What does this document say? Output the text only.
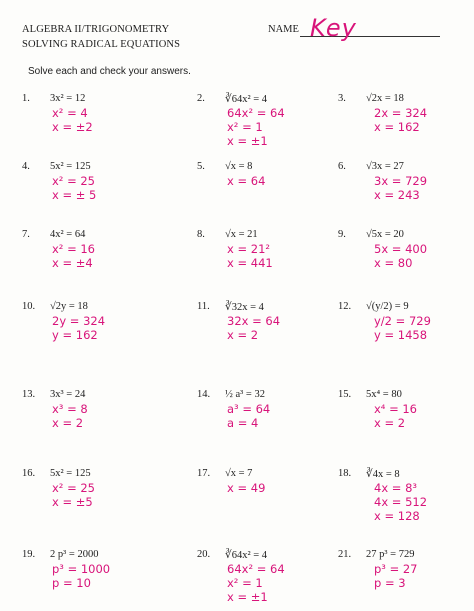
ALGEBRA II/TRIGONOMETRY
SOLVING RADICAL EQUATIONS
NAME Key
Solve each and check your answers.
1. 3x² = 12
x² = 4
x = ±2
2. ∛64x² = 4
64x² = 64
x² = 1
x = ±1
3. √2x = 18
2x = 324
x = 162
4. 5x² = 125
x² = 25
x = ± 5
5. √x = 8
x = 64
6. √3x = 27
3x = 729
x = 243
7. 4x² = 64
x² = 16
x = ±4
8. √x = 21
x = 21²
x = 441
9. √5x = 20
5x = 400
x = 80
10. √2y = 18
2y = 324
y = 162
11. ∛32x = 4
32x = 64
x = 2
12. √(y/2) = 9
y/2 = 729
y = 1458
13. 3x³ = 24
x³ = 8
x = 2
14. ½ a³ = 32
a³ = 64
a = 4
15. 5x⁴ = 80
x⁴ = 16
x = 2
16. 5x² = 125
x² = 25
x = ±5
17. √x = 7
x = 49
18. ∛4x = 8
4x = 8³
4x = 512
x = 128
19. 2 p³ = 2000
p³ = 1000
p = 10
20. ∛64x² = 4
64x² = 64
x² = 1
x = ±1
21. 27 p³ = 729
p³ = 27
p = 3
